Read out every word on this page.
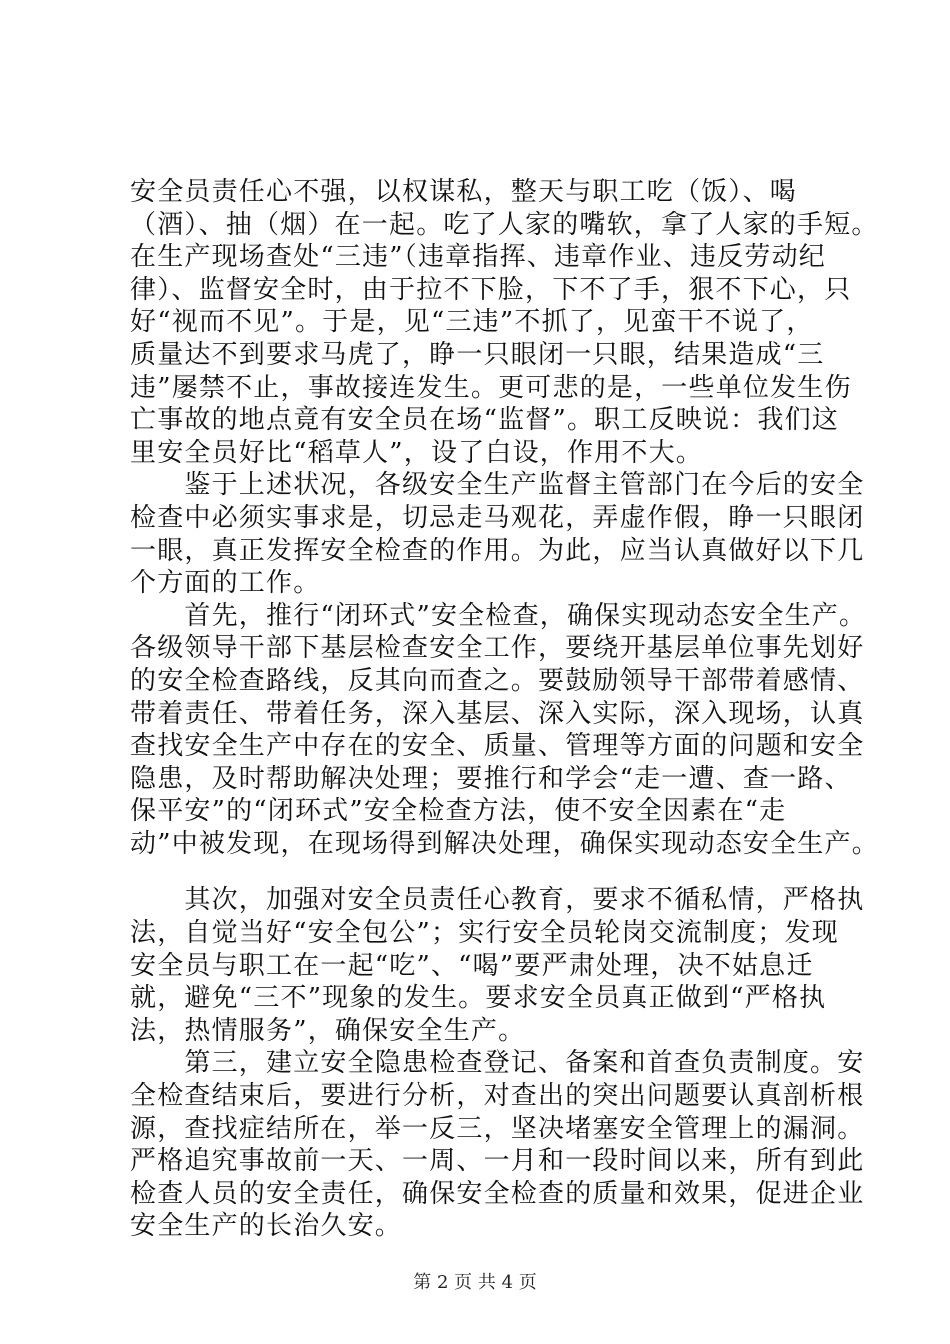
安全员责任心不强，以权谋私，整天与职工吃（饭）、喝
（酒）、抽（烟）在一起。吃了人家的嘴软，拿了人家的手短。
在生产现场查处“三违”（违章指挥、违章作业、违反劳动纪
律）、监督安全时，由于拉不下脸，下不了手，狠不下心，只
好“视而不见”。于是，见“三违”不抓了，见蛮干不说了，
质量达不到要求马虎了，睁一只眼闭一只眼，结果造成“三
违”屡禁不止，事故接连发生。更可悲的是，一些单位发生伤
亡事故的地点竟有安全员在场“监督”。职工反映说：我们这
里安全员好比“稻草人”，设了白设，作用不大。
　　鉴于上述状况，各级安全生产监督主管部门在今后的安全
检查中必须实事求是，切忌走马观花，弄虚作假，睁一只眼闭
一眼，真正发挥安全检查的作用。为此，应当认真做好以下几
个方面的工作。
　　首先，推行“闭环式”安全检查，确保实现动态安全生产。
各级领导干部下基层检查安全工作，要绕开基层单位事先划好
的安全检查路线，反其向而查之。要鼓励领导干部带着感情、
带着责任、带着任务，深入基层、深入实际，深入现场，认真
查找安全生产中存在的安全、质量、管理等方面的问题和安全
隐患，及时帮助解决处理；要推行和学会“走一遭、查一路、
保平安”的“闭环式”安全检查方法，使不安全因素在“走
动”中被发现，在现场得到解决处理，确保实现动态安全生产。
　　其次，加强对安全员责任心教育，要求不循私情，严格执
法，自觉当好“安全包公”；实行安全员轮岗交流制度；发现
安全员与职工在一起“吃”、“喝”要严肃处理，决不姑息迁
就，避免“三不”现象的发生。要求安全员真正做到“严格执
法，热情服务”，确保安全生产。
　　第三，建立安全隐患检查登记、备案和首查负责制度。安
全检查结束后，要进行分析，对查出的突出问题要认真剖析根
源，查找症结所在，举一反三，坚决堵塞安全管理上的漏洞。
严格追究事故前一天、一周、一月和一段时间以来，所有到此
检查人员的安全责任，确保安全检查的质量和效果，促进企业
安全生产的长治久安。
第 2 页 共 4 页
